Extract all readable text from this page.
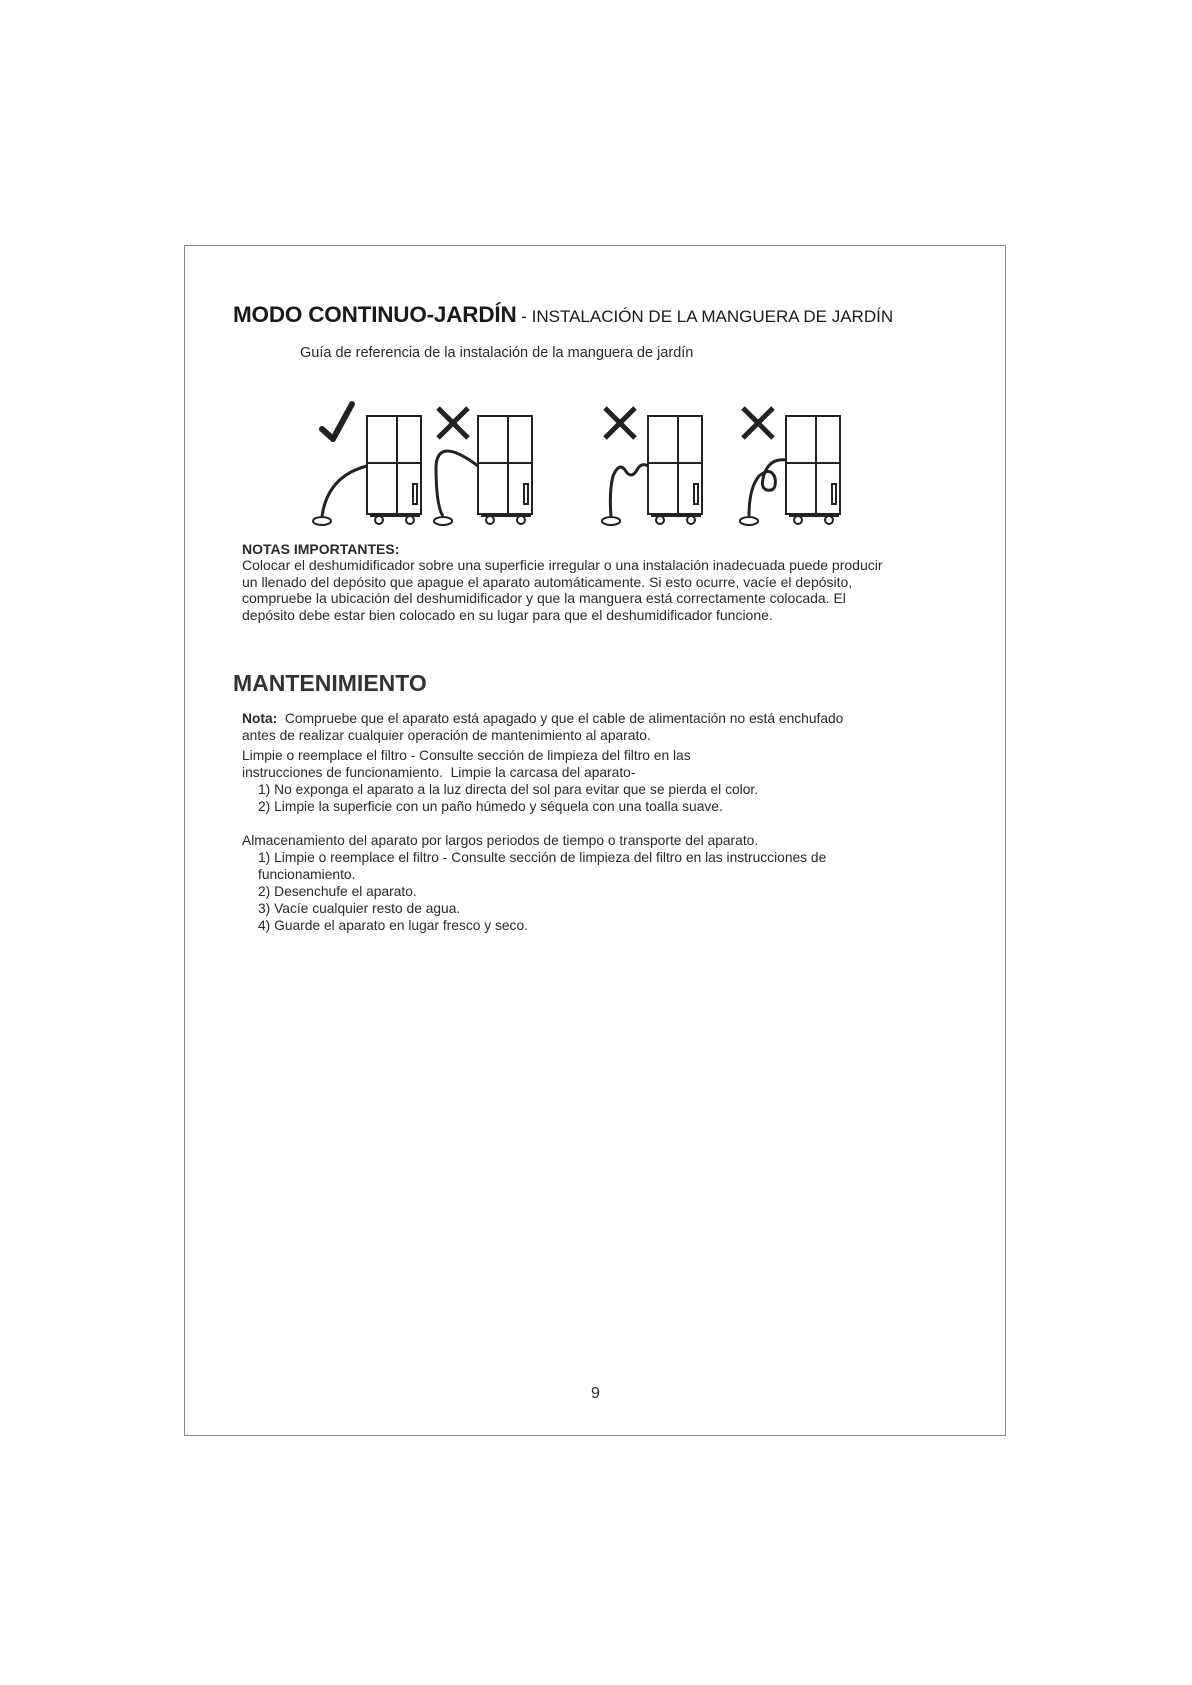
MODO CONTINUO-JARDÍN - INSTALACIÓN DE LA MANGUERA DE JARDÍN
Guía de referencia de la instalación de la manguera de jardín
NOTAS IMPORTANTES:
Colocar el deshumidificador sobre una superficie irregular o una instalación inadecuada puede producir
un llenado del depósito que apague el aparato automáticamente. Si esto ocurre, vacíe el depósito,
compruebe la ubicación del deshumidificador y que la manguera está correctamente colocada. El
depósito debe estar bien colocado en su lugar para que el deshumidificador funcione.
MANTENIMIENTO
Nota:  Compruebe que el aparato está apagado y que el cable de alimentación no está enchufado
antes de realizar cualquier operación de mantenimiento al aparato.
Limpie o reemplace el filtro - Consulte sección de limpieza del filtro en las
instrucciones de funcionamiento.  Limpie la carcasa del aparato-
1) No exponga el aparato a la luz directa del sol para evitar que se pierda el color.
2) Limpie la superficie con un paño húmedo y séquela con una toalla suave.
Almacenamiento del aparato por largos periodos de tiempo o transporte del aparato.
1) Limpie o reemplace el filtro - Consulte sección de limpieza del filtro en las instrucciones de
funcionamiento.
2) Desenchufe el aparato.
3) Vacíe cualquier resto de agua.
4) Guarde el aparato en lugar fresco y seco.
9
